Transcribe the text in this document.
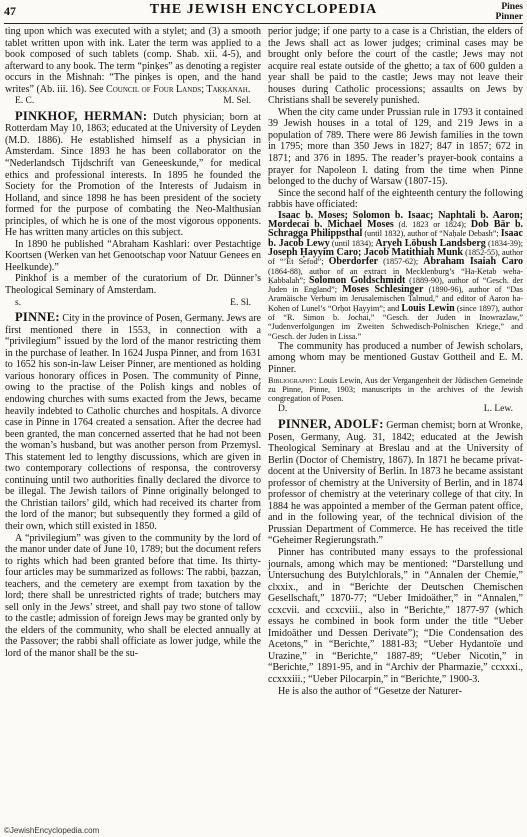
47	THE JEWISH ENCYCLOPEDIA	Pines
Pinner

ting upon which was executed with a stylet; and (3) a smooth tablet written upon with ink. Later the term was applied to a book composed of such tablets (comp. Shab. xii. 4-5), and afterward to any book. The term “pinḳes” as denoting a register occurs in the Mishnah: “The pinḳes is open, and the hand writes” (Ab. iii. 16). See Council of Four Lands; Taḳḳanah.

E. C.	M. Sel.

PINKHOF, HERMAN: Dutch physician; born at Rotterdam May 10, 1863; educated at the University of Leyden (M.D. 1886). He established himself as a physician in Amsterdam. Since 1893 he has been collaborator on the “Nederlandsch Tijdschrift van Geneeskunde,” for medical ethics and professional interests. In 1895 he founded the Society for the Promotion of the Interests of Judaism in Holland, and since 1898 he has been president of the society formed for the purpose of combating the Neo-Malthusian principles, of which he is one of the most vigorous opponents. He has written many articles on this subject.

In 1890 he published “Abraham Kashlari: over Pestachtige Koortsen (Werken van het Genootschap voor Natuur Genees en Heelkunde).”

Pinkhof is a member of the curatorium of Dr. Dünner’s Theological Seminary of Amsterdam.

s.	E. Sl.

PINNE: City in the province of Posen, Germany. Jews are first mentioned there in 1553, in connection with a “privilegium” issued by the lord of the manor restricting them in the purchase of leather. In 1624 Juspa Pinner, and from 1631 to 1652 his son-in-law Leiser Pinner, are mentioned as holding various honorary offices in Posen. The community of Pinne, owing to the practise of the Polish kings and nobles of endowing churches with sums exacted from the Jews, became heavily indebted to Catholic churches and hospitals. A divorce case in Pinne in 1764 created a sensation. After the decree had been granted, the man concerned asserted that he had not been the woman’s husband, but was another person from Przemysl. This statement led to lengthy discussions, which are given in two contemporary collections of responsa, the controversy continuing until two authorities finally declared the divorce to be illegal. The Jewish tailors of Pinne originally belonged to the Christian tailors’ gild, which had received its charter from the lord of the manor; but subsequently they formed a gild of their own, which still existed in 1850.

A “privilegium” was given to the community by the lord of the manor under date of June 10, 1789; but the document refers to rights which had been granted before that time. Its thirty-four articles may be summarized as follows: The rabbi, ḥazzan, teachers, and the cemetery are exempt from taxation by the lord; there shall be unrestricted rights of trade; butchers may sell only in the Jews’ street, and shall pay two stone of tallow to the castle; admission of foreign Jews may be granted only by the elders of the community, who shall be elected annually at the Passover; the rabbi shall officiate as lower judge, while the lord of the manor shall be the su-

perior judge; if one party to a case is a Christian, the elders of the Jews shall act as lower judges; criminal cases may be brought only before the court of the castle; Jews may not acquire real estate outside of the ghetto; a tax of 600 gulden a year shall be paid to the castle; Jews may not leave their houses during Catholic processions; assaults on Jews by Christians shall be severely punished.

When the city came under Prussian rule in 1793 it contained 39 Jewish houses in a total of 129, and 219 Jews in a population of 789. There were 86 Jewish families in the town in 1795; more than 350 Jews in 1827; 847 in 1857; 672 in 1871; and 376 in 1895. The reader’s prayer-book contains a prayer for Napoleon I. dating from the time when Pinne belonged to the duchy of Warsaw (1807-15).

Since the second half of the eighteenth century the following rabbis have officiated:

Isaac b. Moses; Solomon b. Isaac; Naphtali b. Aaron; Mordecai b. Michael Moses (d. 1823 or 1824); Dob Bär b. Schragga Philippsthal (until 1832), author of “Naḥale Debash”; Isaac b. Jacob Lewy (until 1834); Aryeh Löbush Landsberg (1834-39); Joseph Ḥayyim Caro; Jacob Matithiah Munk (1852-55), author of “’Et Sefod”; Oberdorfer (1857-62); Abraham Isaiah Caro (1864-88), author of an extract in Mecklenburg’s “Ha-Ketab weha-Ḳabbalah”; Solomon Goldschmidt (1889-90), author of “Gesch. der Juden in England”; Moses Schlesinger (1890-96), author of “Das Aramäische Verbum im Jerusalemischen Talmud,” and editor of Aaron ha-Kohen of Lunel’s “Orḥot Ḥayyim”; and Louis Lewin (since 1897), author of “R. Simon b. Jochai,” “Gesch. der Juden in Inowrazlaw,” “Judenverfolgungen im Zweiten Schwedisch-Polnischen Kriege,” and “Gesch. der Juden in Lissa.”

The community has produced a number of Jewish scholars, among whom may be mentioned Gustav Gottheil and E. M. Pinner.

Bibliography: Louis Lewin, Aus der Vergangenheit der Jüdischen Gemeinde zu Pinne, Pinne, 1903; manuscripts in the archives of the Jewish congregation of Posen.

D.	L. Lew.

PINNER, ADOLF: German chemist; born at Wronke, Posen, Germany, Aug. 31, 1842; educated at the Jewish Theological Seminary at Breslau and at the University of Berlin (Doctor of Chemistry, 1867). In 1871 he became privat-docent at the University of Berlin. In 1873 he became assistant professor of chemistry at the University of Berlin, and in 1874 professor of chemistry at the veterinary college of that city. In 1884 he was appointed a member of the German patent office, and in the following year, of the technical division of the Prussian Department of Commerce. He has received the title “Geheimer Regierungsrath.”

Pinner has contributed many essays to the professional journals, among which may be mentioned: “Darstellung und Untersuchung des Butylchlorals,” in “Annalen der Chemie,” clxxix., and in “Berichte der Deutschen Chemischen Gesellschaft,” 1870-77; “Ueber Imidoäther,” in “Annalen,” ccxcvii. and ccxcviii., also in “Berichte,” 1877-97 (which essays he combined in book form under the title “Ueber Imidoäther und Dessen Derivate”); “Die Condensation des Acetons,” in “Berichte,” 1881-83; “Ueber Hydantoïe und Urazine,” in “Berichte,” 1887-89; “Ueber Nicotin,” in “Berichte,” 1891-95, and in “Archiv der Pharmazie,” ccxxxi., ccxxxiii.; “Ueber Pilocarpin,” in “Berichte,” 1900-3.

He is also the author of “Gesetze der Naturer-

©JewishEncyclopedia.com
